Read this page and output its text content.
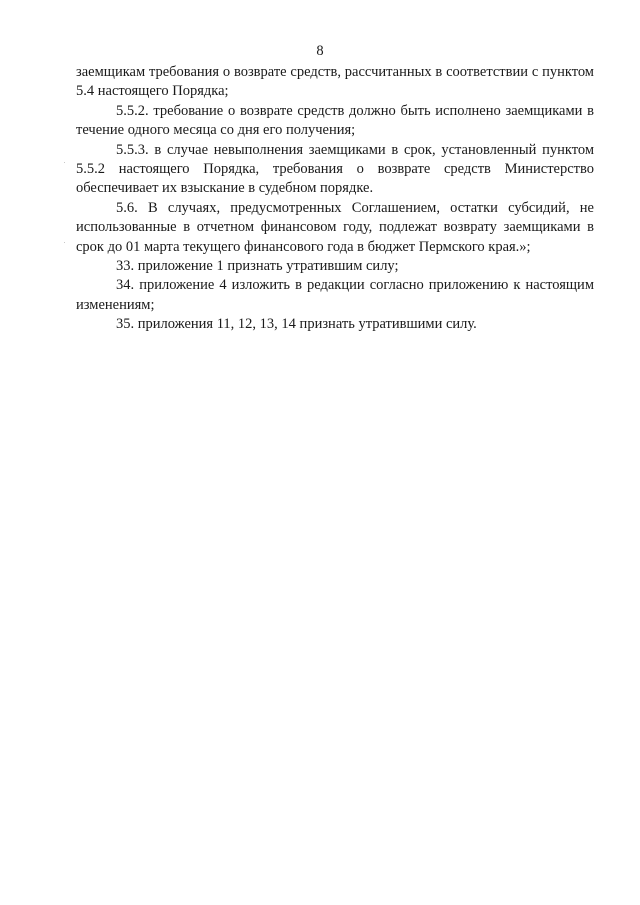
8

заемщикам требования о возврате средств, рассчитанных в соответствии с пунктом 5.4 настоящего Порядка;

5.5.2. требование о возврате средств должно быть исполнено заемщиками в течение одного месяца со дня его получения;

5.5.3. в случае невыполнения заемщиками в срок, установленный пунктом 5.5.2 настоящего Порядка, требования о возврате средств Министерство обеспечивает их взыскание в судебном порядке.

5.6. В случаях, предусмотренных Соглашением, остатки субсидий, не использованные в отчетном финансовом году, подлежат возврату заемщиками в срок до 01 марта текущего финансового года в бюджет Пермского края.»;

33. приложение 1 признать утратившим силу;

34. приложение 4 изложить в редакции согласно приложению к настоящим изменениям;

35. приложения 11, 12, 13, 14 признать утратившими силу.
